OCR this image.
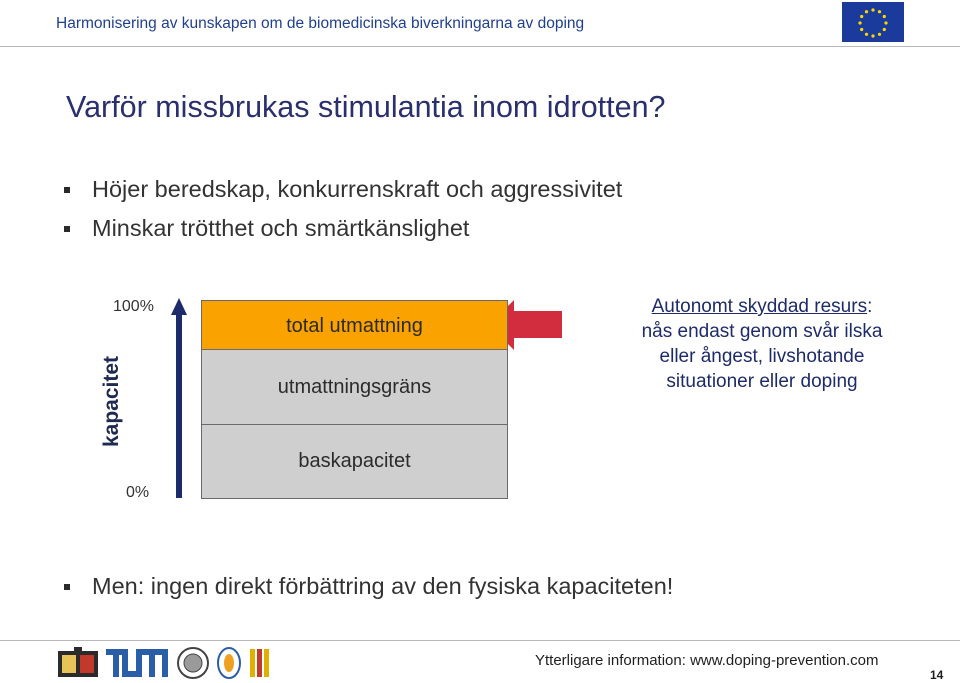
Harmonisering av kunskapen om de biomedicinska biverkningarna av doping
Varför missbrukas stimulantia inom idrotten?
Höjer beredskap, konkurrenskraft och aggressivitet
Minskar trötthet och smärtkänslighet
kapacitet
100%
0%
total utmattning
utmattningsgräns
baskapacitet
Autonomt skyddad resurs:
nås endast genom svår ilska
eller ångest, livshotande
situationer eller doping
Men: ingen direkt förbättring av den fysiska kapaciteten!
Ytterligare information: www.doping-prevention.com
14
